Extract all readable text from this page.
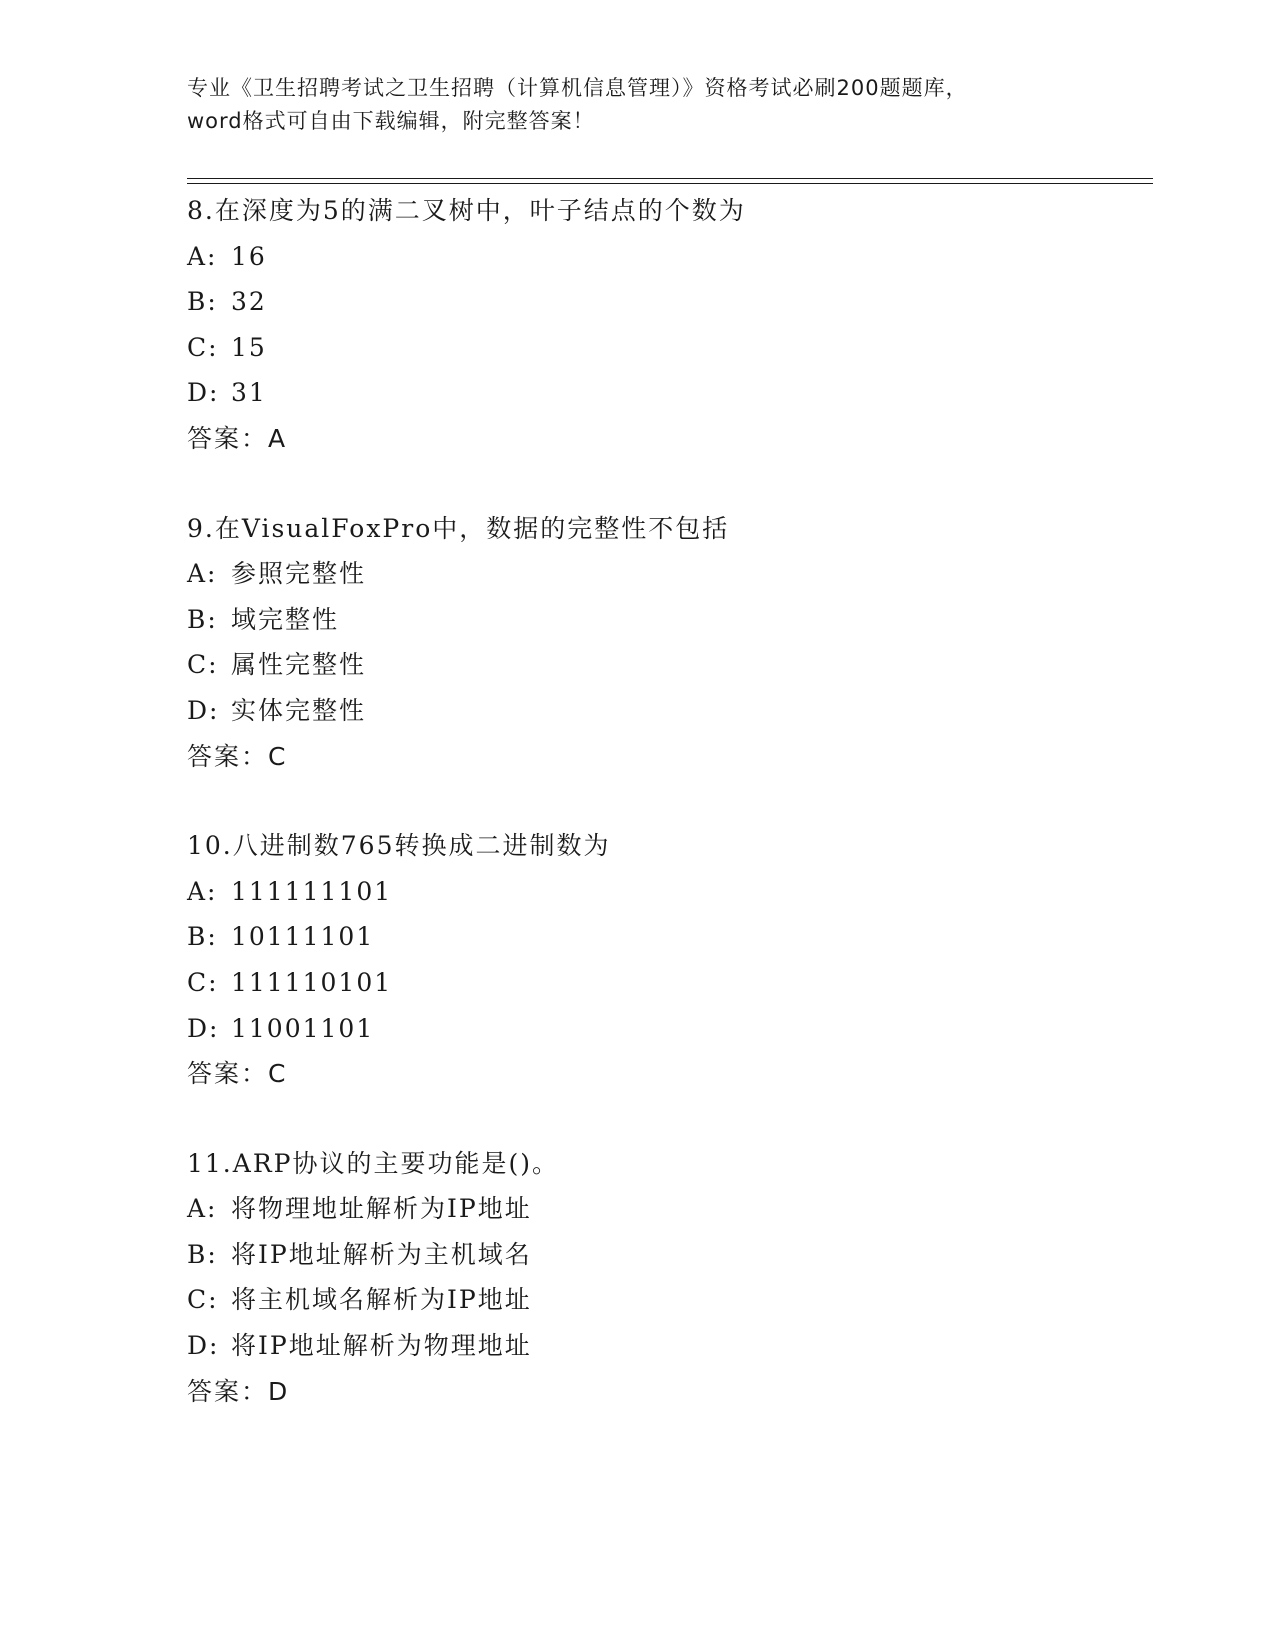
专业《卫生招聘考试之卫生招聘（计算机信息管理）》资格考试必刷200题题库，
word格式可自由下载编辑，附完整答案！
8.在深度为5的满二叉树中，叶子结点的个数为
A: 16
B: 32
C: 15
D: 31
答案：A
9.在VisualFoxPro中，数据的完整性不包括
A: 参照完整性
B: 域完整性
C: 属性完整性
D: 实体完整性
答案：C
10.八进制数765转换成二进制数为
A: 111111101
B: 10111101
C: 111110101
D: 11001101
答案：C
11.ARP协议的主要功能是()。
A: 将物理地址解析为IP地址
B: 将IP地址解析为主机域名
C: 将主机域名解析为IP地址
D: 将IP地址解析为物理地址
答案：D
